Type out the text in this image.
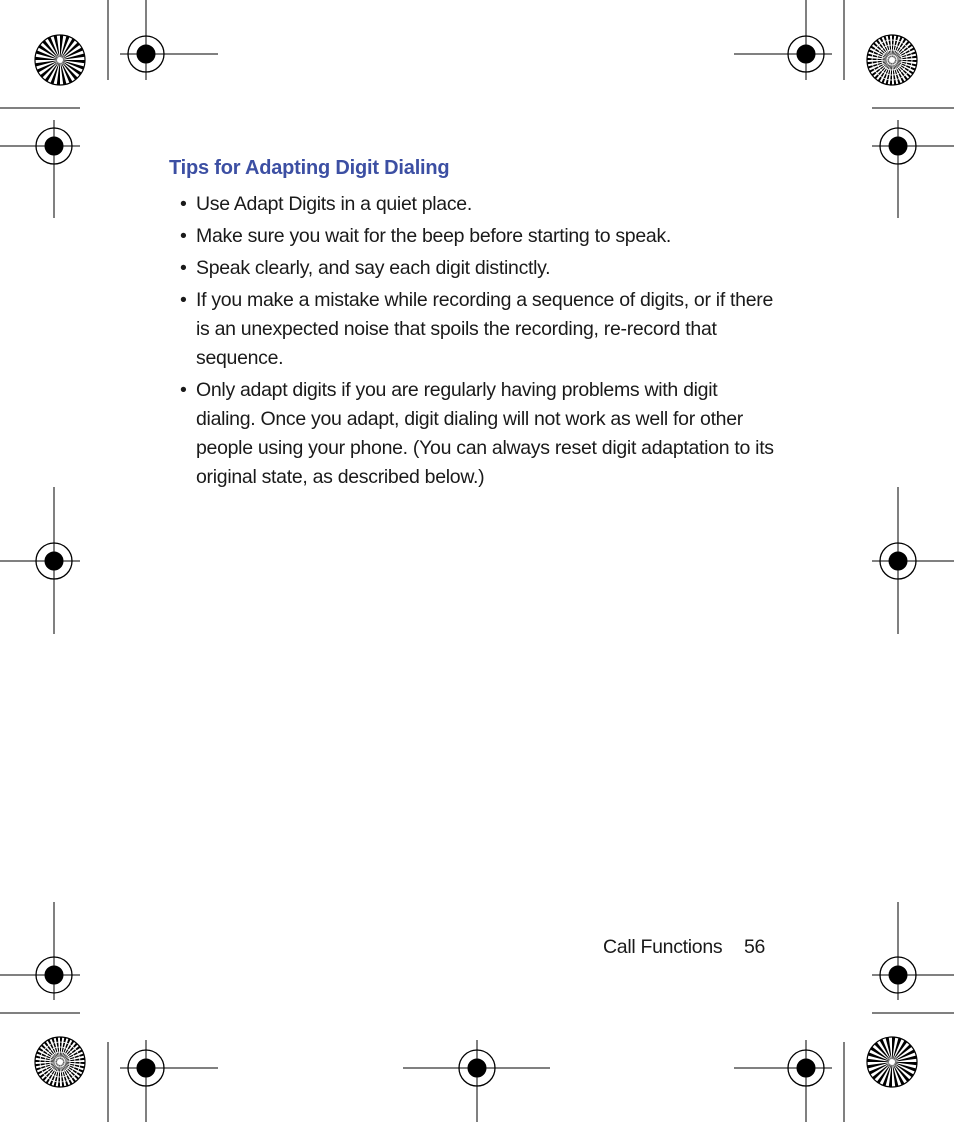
Tips for Adapting Digit Dialing
• Use Adapt Digits in a quiet place.
• Make sure you wait for the beep before starting to speak.
• Speak clearly, and say each digit distinctly.
• If you make a mistake while recording a sequence of digits, or if there is an unexpected noise that spoils the recording, re-record that sequence.
• Only adapt digits if you are regularly having problems with digit dialing. Once you adapt, digit dialing will not work as well for other people using your phone. (You can always reset digit adaptation to its original state, as described below.)
Call Functions 56
